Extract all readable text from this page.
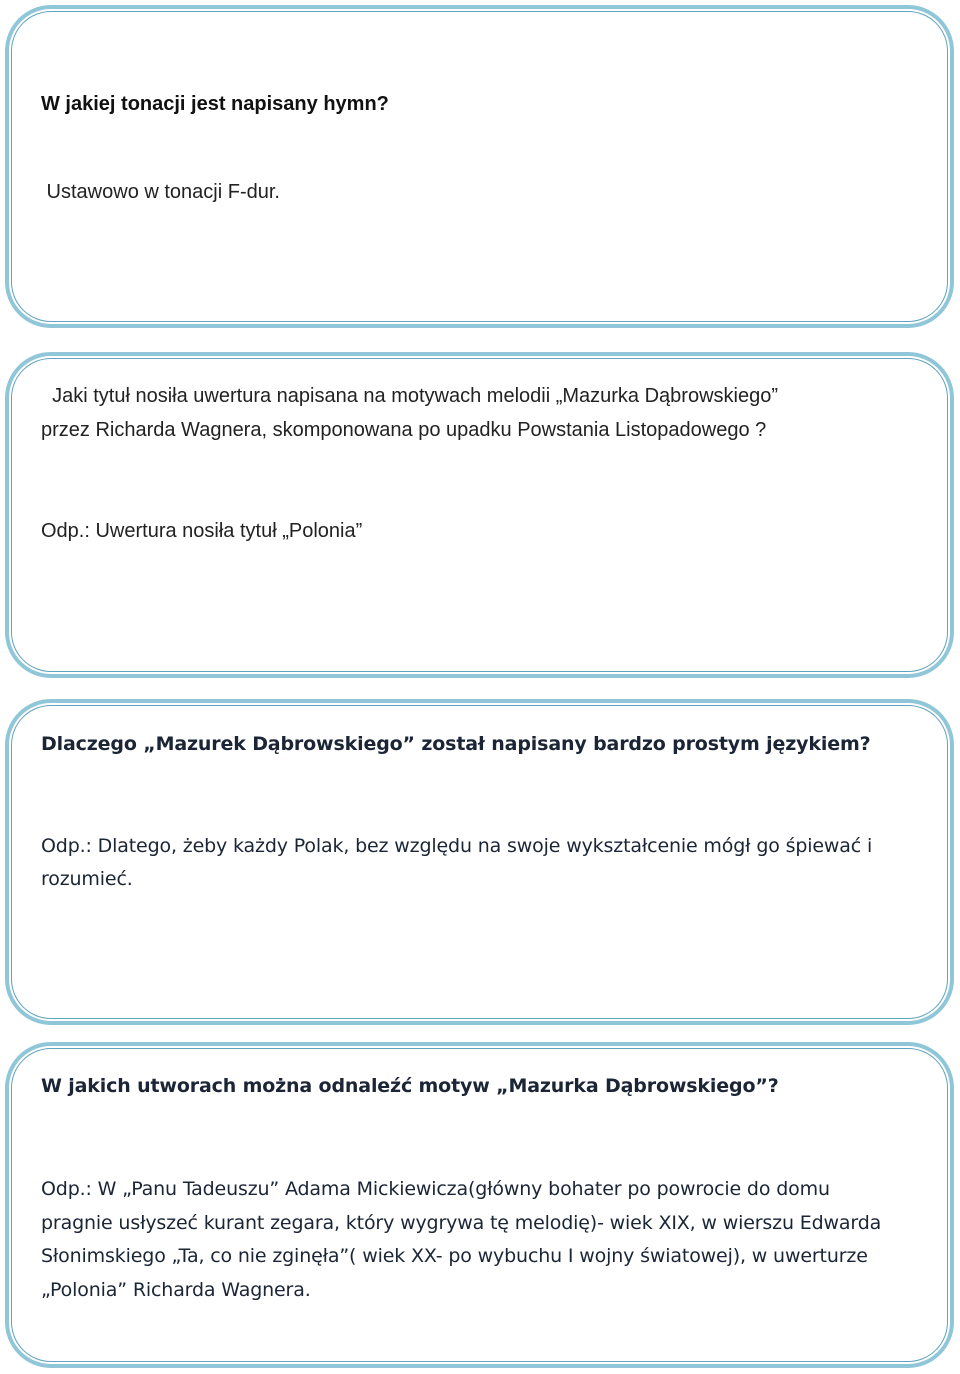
W jakiej tonacji jest napisany hymn?
Ustawowo w tonacji F-dur.
Jaki tytuł nosiła uwertura napisana na motywach melodii „Mazurka Dąbrowskiego”
przez Richarda Wagnera, skomponowana po upadku Powstania Listopadowego ?
Odp.: Uwertura nosiła tytuł „Polonia”
Dlaczego „Mazurek Dąbrowskiego” został napisany bardzo prostym językiem?
Odp.: Dlatego, żeby każdy Polak, bez względu na swoje wykształcenie mógł go śpiewać i
rozumieć.
W jakich utworach można odnaleźć motyw „Mazurka Dąbrowskiego”?
Odp.: W „Panu Tadeuszu” Adama Mickiewicza(główny bohater po powrocie do domu
pragnie usłyszeć kurant zegara, który wygrywa tę melodię)- wiek XIX, w wierszu Edwarda
Słonimskiego „Ta, co nie zginęła”( wiek XX- po wybuchu I wojny światowej), w uwerturze
„Polonia” Richarda Wagnera.
